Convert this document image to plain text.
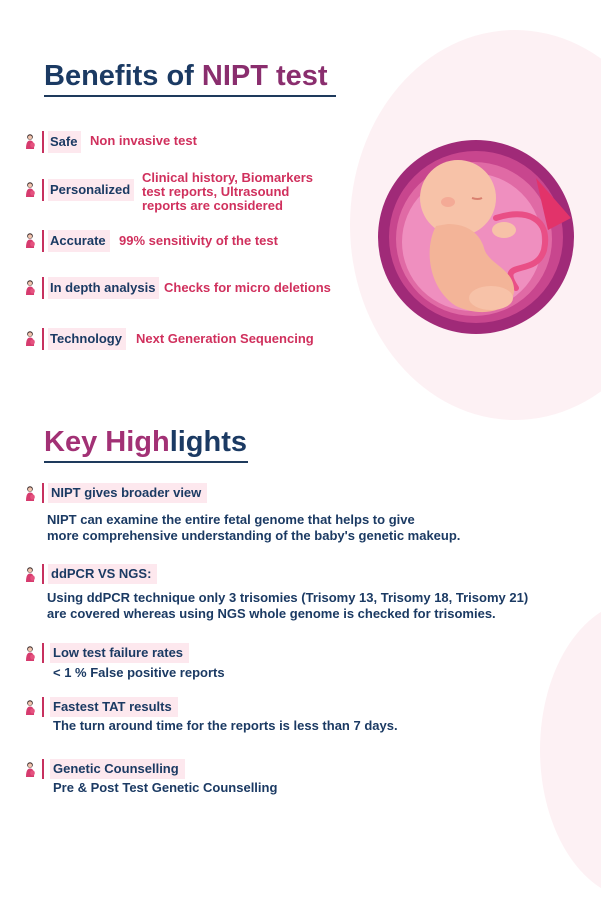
Benefits of NIPT test
Safe Non invasive test
Personalized
Clinical history, Biomarkers
test reports, Ultrasound
reports are considered
Accurate	99% sensitivity of the test
In depth analysis Checks for micro deletions
Technology	Next Generation Sequencing
Key Highlights
NIPT gives broader view
NIPT can examine the entire fetal genome that helps to give
more comprehensive understanding of the baby's genetic makeup.
ddPCR VS NGS:
Using ddPCR technique only 3 trisomies (Trisomy 13, Trisomy 18, Trisomy 21)
are covered whereas using NGS whole genome is checked for trisomies.
Low test failure rates
< 1 % False positive reports
Fastest TAT results
The turn around time for the reports is less than 7 days.
Genetic Counselling
Pre & Post Test Genetic Counselling
